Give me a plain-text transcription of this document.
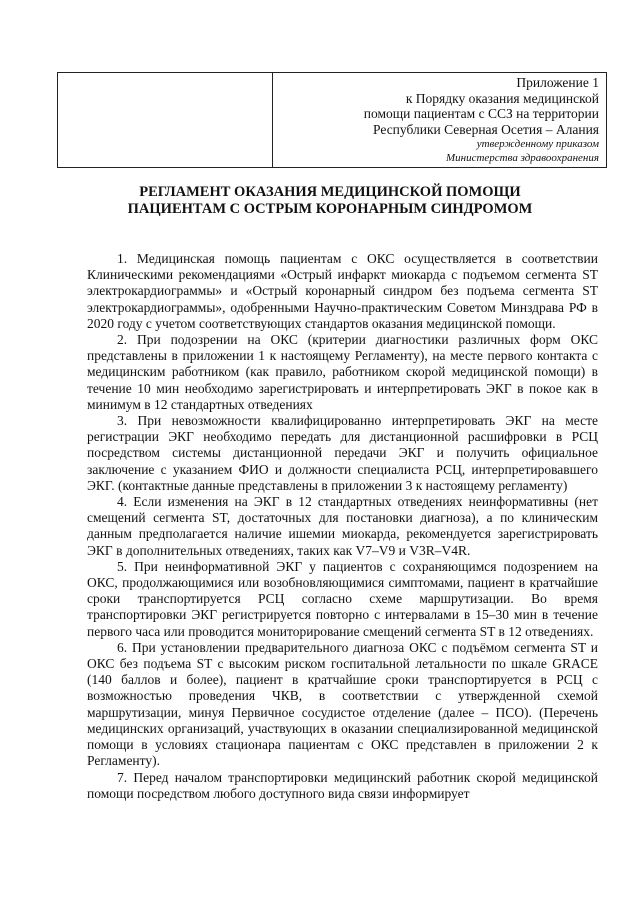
Приложение 1
к Порядку оказания медицинской
помощи пациентам с ССЗ на территории
Республики Северная Осетия – Алания
утвержденному приказом
Министерства здравоохранения
РЕГЛАМЕНТ ОКАЗАНИЯ МЕДИЦИНСКОЙ ПОМОЩИ
ПАЦИЕНТАМ С ОСТРЫМ КОРОНАРНЫМ СИНДРОМОМ

1. Медицинская помощь пациентам с ОКС осуществляется в соответствии Клиническими рекомендациями «Острый инфаркт миокарда с подъемом сегмента ST электрокардиограммы» и «Острый коронарный синдром без подъема сегмента ST электрокардиограммы», одобренными Научно-практическим Советом Минздрава РФ в 2020 году с учетом соответствующих стандартов оказания медицинской помощи.

2. При подозрении на ОКС (критерии диагностики различных форм ОКС представлены в приложении 1 к настоящему Регламенту), на месте первого контакта с медицинским работником (как правило, работником скорой медицинской помощи) в течение 10 мин необходимо зарегистрировать и интерпретировать ЭКГ в покое как в минимум в 12 стандартных отведениях

3. При невозможности квалифицированно интерпретировать ЭКГ на месте регистрации ЭКГ необходимо передать для дистанционной расшифровки в РСЦ посредством системы дистанционной передачи ЭКГ и получить официальное заключение с указанием ФИО и должности специалиста РСЦ, интерпретировавшего ЭКГ. (контактные данные представлены в приложении 3 к настоящему регламенту)

4. Если изменения на ЭКГ в 12 стандартных отведениях неинформативны (нет смещений сегмента ST, достаточных для постановки диагноза), а по клиническим данным предполагается наличие ишемии миокарда, рекомендуется зарегистрировать ЭКГ в дополнительных отведениях, таких как V7–V9 и V3R–V4R.

5. При неинформативной ЭКГ у пациентов с сохраняющимся подозрением на ОКС, продолжающимися или возобновляющимися симптомами, пациент в кратчайшие сроки транспортируется РСЦ согласно схеме маршрутизации. Во время транспортировки ЭКГ регистрируется повторно с интервалами в 15–30 мин в течение первого часа или проводится мониторирование смещений сегмента ST в 12 отведениях.

6. При установлении предварительного диагноза ОКС с подъёмом сегмента ST и ОКС без подъема ST с высоким риском госпитальной летальности по шкале GRACE (140 баллов и более), пациент в кратчайшие сроки транспортируется в РСЦ с возможностью проведения ЧКВ, в соответствии с утвержденной схемой маршрутизации, минуя Первичное сосудистое отделение (далее – ПСО). (Перечень медицинских организаций, участвующих в оказании специализированной медицинской помощи в условиях стационара пациентам с ОКС представлен в приложении 2 к Регламенту).

7. Перед началом транспортировки медицинский работник скорой медицинской помощи посредством любого доступного вида связи информирует
